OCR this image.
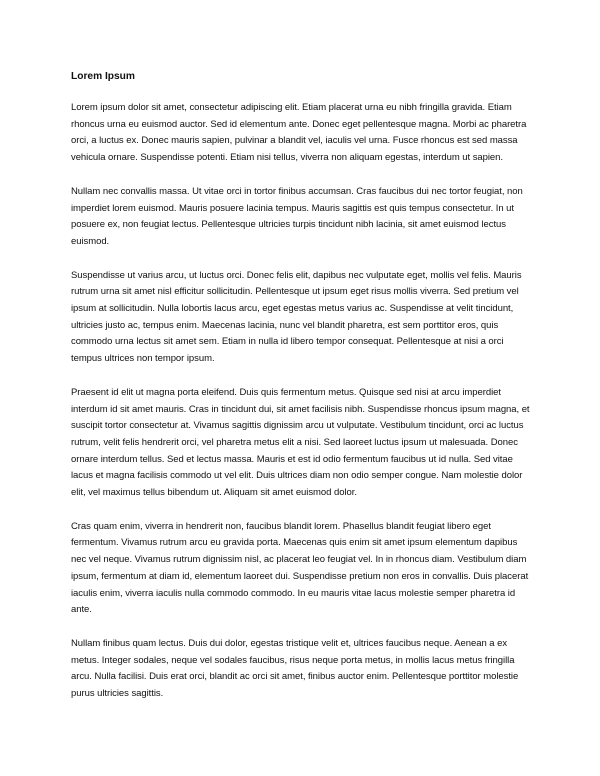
Lorem Ipsum

Lorem ipsum dolor sit amet, consectetur adipiscing elit. Etiam placerat urna eu nibh fringilla gravida. Etiam rhoncus urna eu euismod auctor. Sed id elementum ante. Donec eget pellentesque magna. Morbi ac pharetra orci, a luctus ex. Donec mauris sapien, pulvinar a blandit vel, iaculis vel urna. Fusce rhoncus est sed massa vehicula ornare. Suspendisse potenti. Etiam nisi tellus, viverra non aliquam egestas, interdum ut sapien.

Nullam nec convallis massa. Ut vitae orci in tortor finibus accumsan. Cras faucibus dui nec tortor feugiat, non imperdiet lorem euismod. Mauris posuere lacinia tempus. Mauris sagittis est quis tempus consectetur. In ut posuere ex, non feugiat lectus. Pellentesque ultricies turpis tincidunt nibh lacinia, sit amet euismod lectus euismod.

Suspendisse ut varius arcu, ut luctus orci. Donec felis elit, dapibus nec vulputate eget, mollis vel felis. Mauris rutrum urna sit amet nisl efficitur sollicitudin. Pellentesque ut ipsum eget risus mollis viverra. Sed pretium vel ipsum at sollicitudin. Nulla lobortis lacus arcu, eget egestas metus varius ac. Suspendisse at velit tincidunt, ultricies justo ac, tempus enim. Maecenas lacinia, nunc vel blandit pharetra, est sem porttitor eros, quis commodo urna lectus sit amet sem. Etiam in nulla id libero tempor consequat. Pellentesque at nisi a orci tempus ultrices non tempor ipsum.

Praesent id elit ut magna porta eleifend. Duis quis fermentum metus. Quisque sed nisi at arcu imperdiet interdum id sit amet mauris. Cras in tincidunt dui, sit amet facilisis nibh. Suspendisse rhoncus ipsum magna, et suscipit tortor consectetur at. Vivamus sagittis dignissim arcu ut vulputate. Vestibulum tincidunt, orci ac luctus rutrum, velit felis hendrerit orci, vel pharetra metus elit a nisi. Sed laoreet luctus ipsum ut malesuada. Donec ornare interdum tellus. Sed et lectus massa. Mauris et est id odio fermentum faucibus ut id nulla. Sed vitae lacus et magna facilisis commodo ut vel elit. Duis ultrices diam non odio semper congue. Nam molestie dolor elit, vel maximus tellus bibendum ut. Aliquam sit amet euismod dolor.

Cras quam enim, viverra in hendrerit non, faucibus blandit lorem. Phasellus blandit feugiat libero eget fermentum. Vivamus rutrum arcu eu gravida porta. Maecenas quis enim sit amet ipsum elementum dapibus nec vel neque. Vivamus rutrum dignissim nisl, ac placerat leo feugiat vel. In in rhoncus diam. Vestibulum diam ipsum, fermentum at diam id, elementum laoreet dui. Suspendisse pretium non eros in convallis. Duis placerat iaculis enim, viverra iaculis nulla commodo commodo. In eu mauris vitae lacus molestie semper pharetra id ante.

Nullam finibus quam lectus. Duis dui dolor, egestas tristique velit et, ultrices faucibus neque. Aenean a ex metus. Integer sodales, neque vel sodales faucibus, risus neque porta metus, in mollis lacus metus fringilla arcu. Nulla facilisi. Duis erat orci, blandit ac orci sit amet, finibus auctor enim. Pellentesque porttitor molestie purus ultricies sagittis.
